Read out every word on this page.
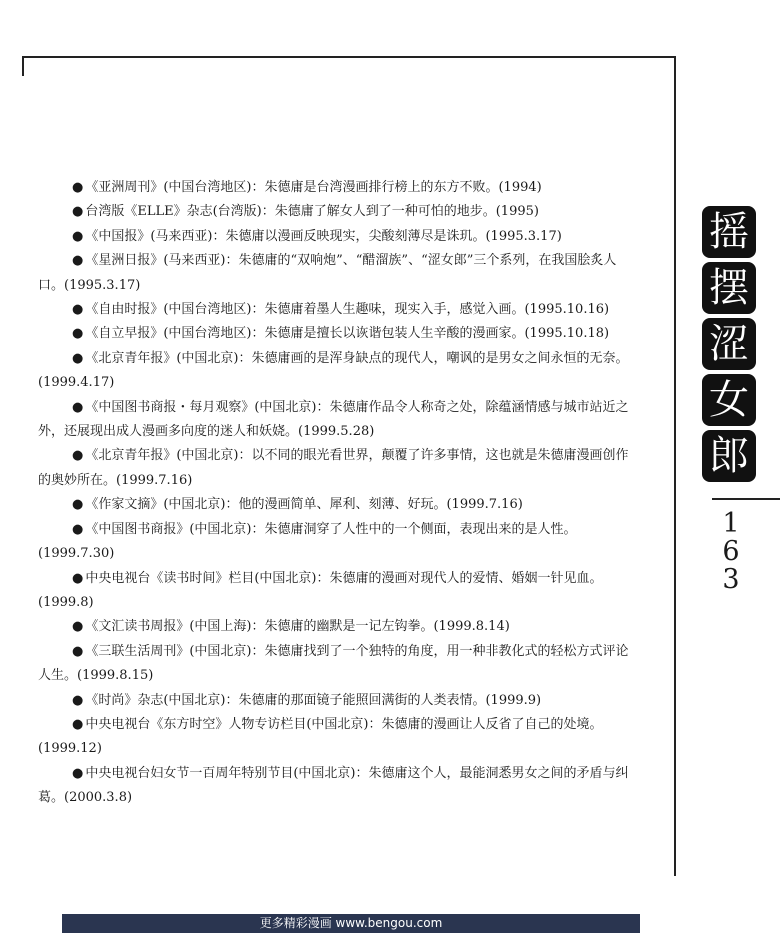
● 《亚洲周刊》(中国台湾地区)：朱德庸是台湾漫画排行榜上的东方不败。(1994)

● 台湾版《ELLE》杂志(台湾版)：朱德庸了解女人到了一种可怕的地步。(1995)

● 《中国报》(马来西亚)：朱德庸以漫画反映现实，尖酸刻薄尽是诛玑。(1995.3.17)

● 《星洲日报》(马来西亚)：朱德庸的“双响炮”、“醋溜族”、“涩女郎”三个系列，在我国脍炙人口。(1995.3.17)

● 《自由时报》(中国台湾地区)：朱德庸着墨人生趣味，现实入手，感觉入画。(1995.10.16)

● 《自立早报》(中国台湾地区)：朱德庸是擅长以诙谐包装人生辛酸的漫画家。(1995.10.18)

● 《北京青年报》(中国北京)：朱德庸画的是浑身缺点的现代人，嘲讽的是男女之间永恒的无奈。(1999.4.17)

● 《中国图书商报・每月观察》(中国北京)：朱德庸作品令人称奇之处，除蕴涵情感与城市站近之外，还展现出成人漫画多向度的迷人和妖娆。(1999.5.28)

● 《北京青年报》(中国北京)：以不同的眼光看世界，颠覆了许多事情，这也就是朱德庸漫画创作的奥妙所在。(1999.7.16)

● 《作家文摘》(中国北京)：他的漫画简单、犀利、刻薄、好玩。(1999.7.16)

● 《中国图书商报》(中国北京)：朱德庸洞穿了人性中的一个侧面，表现出来的是人性。(1999.7.30)

● 中央电视台《读书时间》栏目(中国北京)：朱德庸的漫画对现代人的爱情、婚姻一针见血。(1999.8)

● 《文汇读书周报》(中国上海)：朱德庸的幽默是一记左钩拳。(1999.8.14)

● 《三联生活周刊》(中国北京)：朱德庸找到了一个独特的角度，用一种非教化式的轻松方式评论人生。(1999.8.15)

● 《时尚》杂志(中国北京)：朱德庸的那面镜子能照回满街的人类表情。(1999.9)

● 中央电视台《东方时空》人物专访栏目(中国北京)：朱德庸的漫画让人反省了自己的处境。(1999.12)

● 中央电视台妇女节一百周年特别节目(中国北京)：朱德庸这个人，最能洞悉男女之间的矛盾与纠葛。(2000.3.8)

摇
摆
涩
女
郎
1
6
3
更多精彩漫画 www.bengou.com
